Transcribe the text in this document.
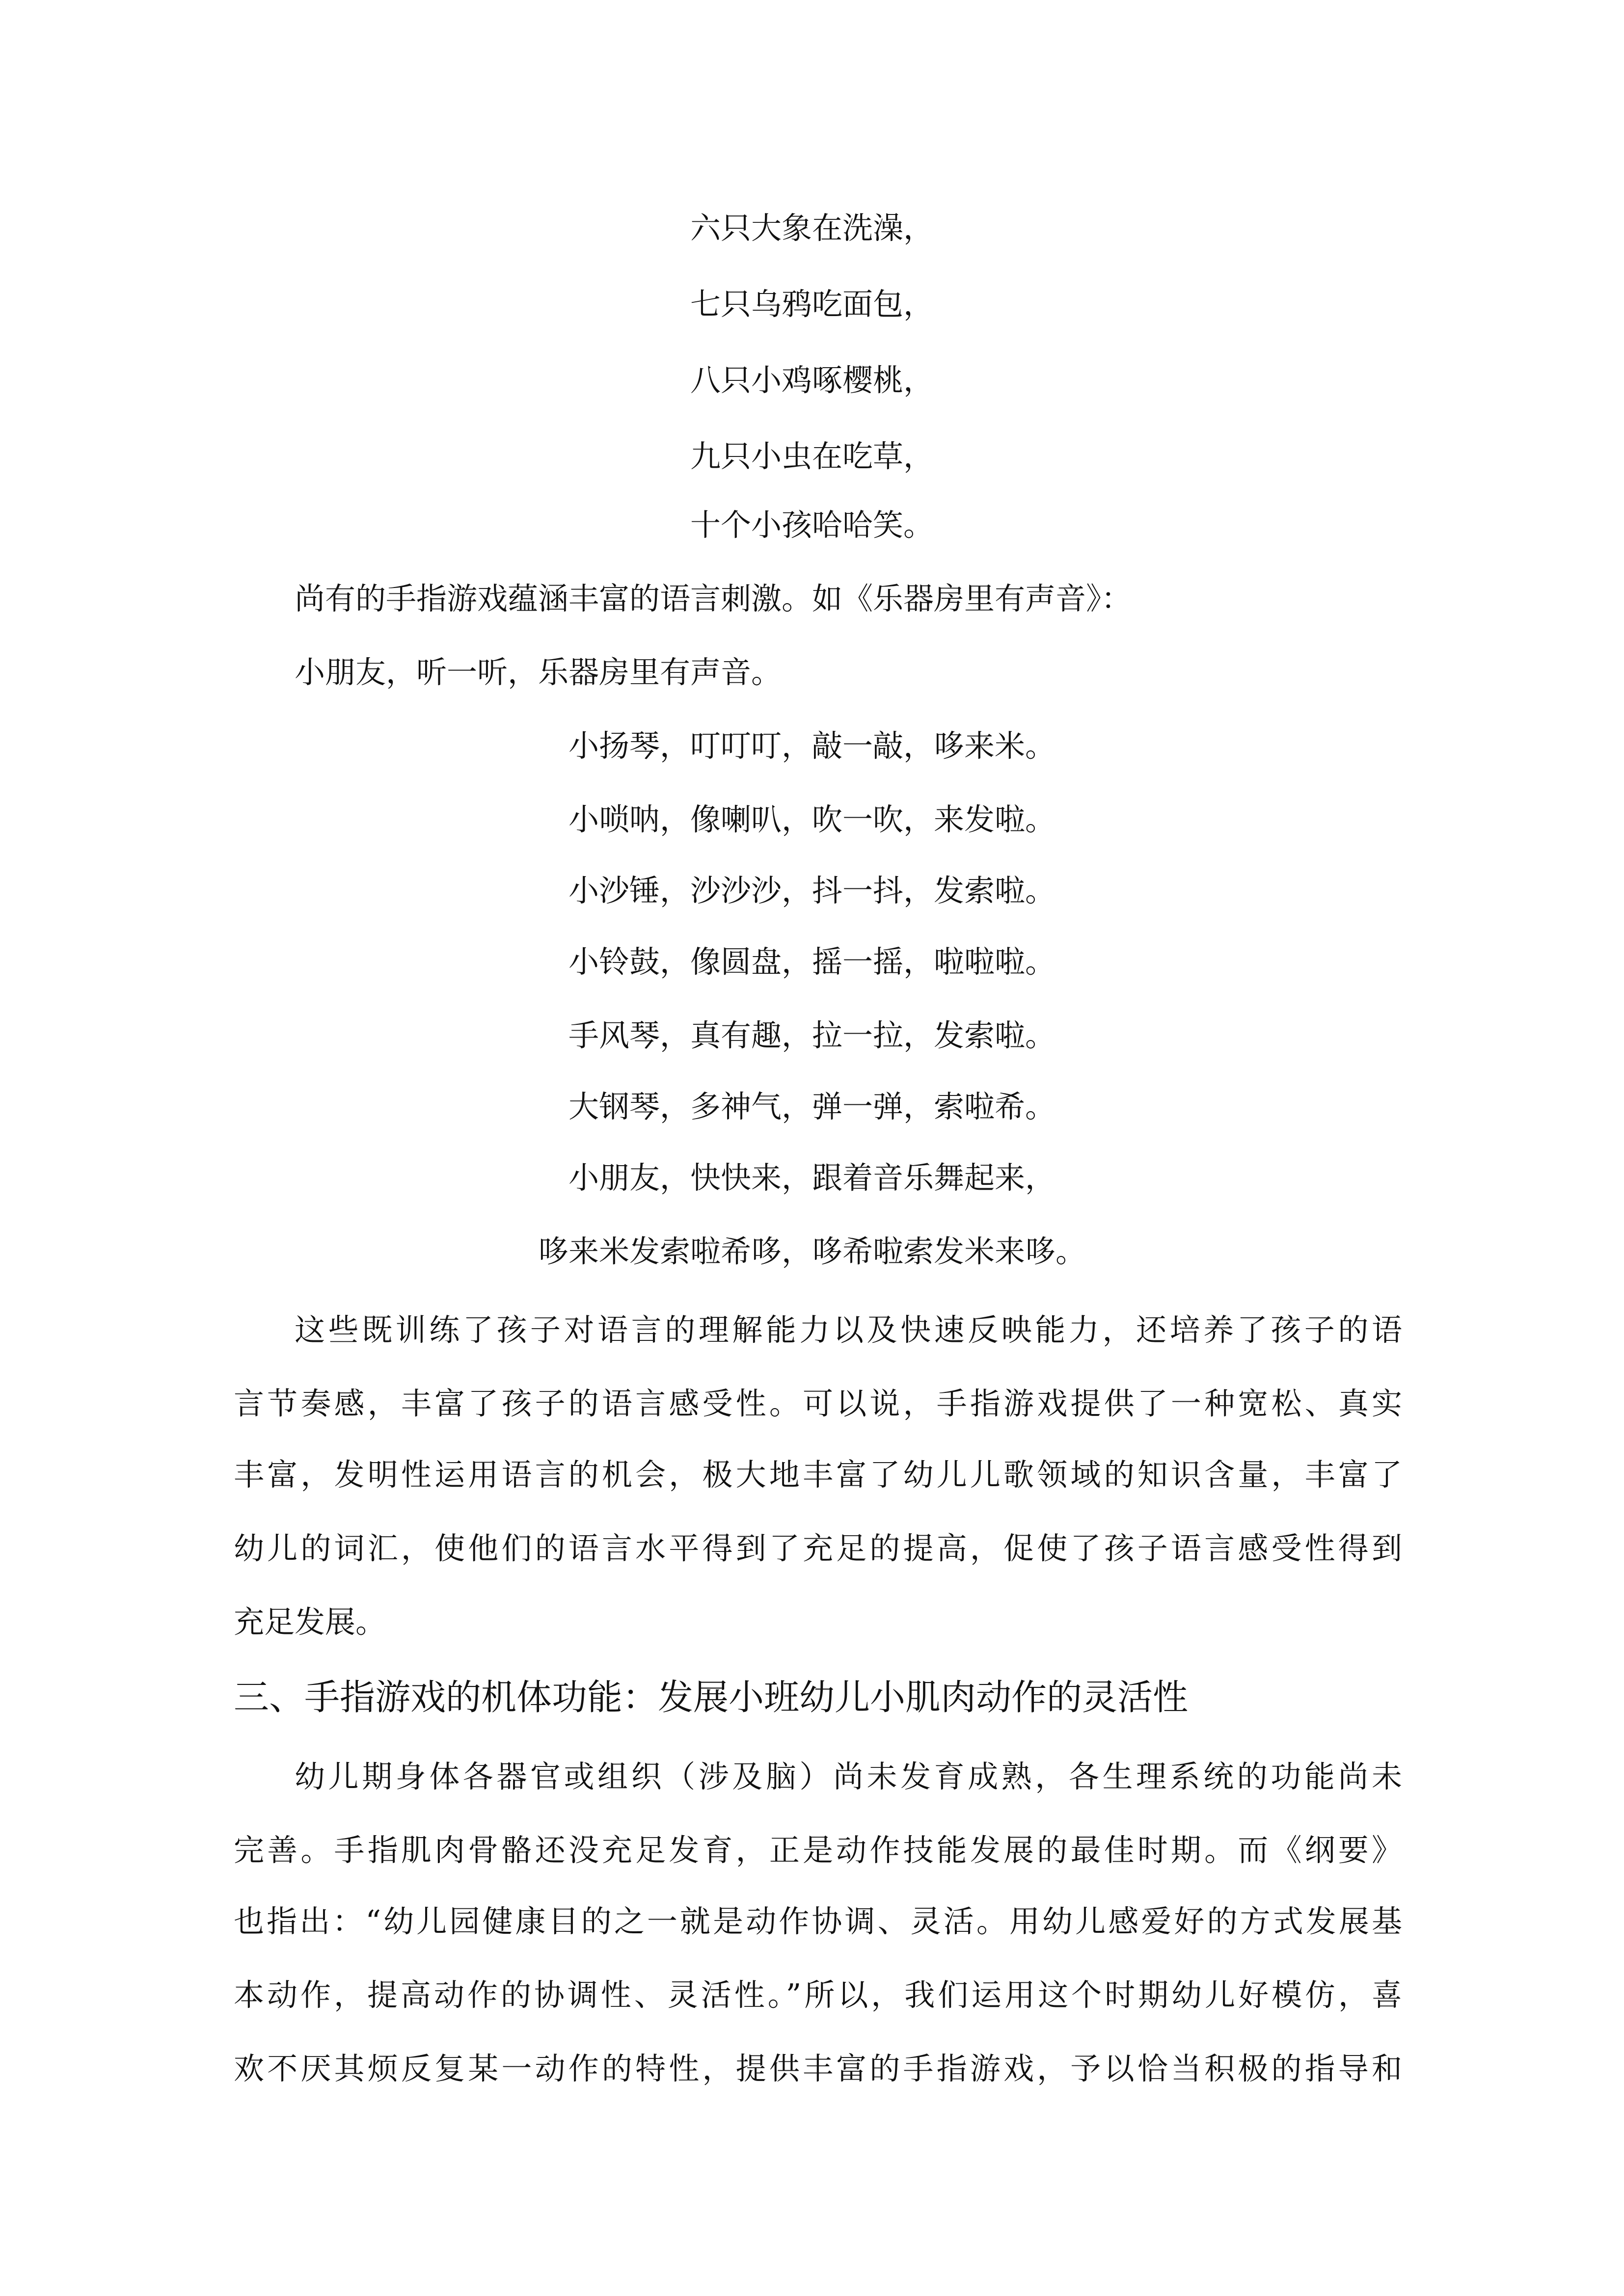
六只大象在洗澡，
七只乌鸦吃面包，
八只小鸡啄樱桃，
九只小虫在吃草，
十个小孩哈哈笑。
尚有的手指游戏蕴涵丰富的语言刺激。如《乐器房里有声音》：
小朋友，听一听，乐器房里有声音。
小扬琴，叮叮叮，敲一敲，哆来米。
小唢呐，像喇叭，吹一吹，来发啦。
小沙锤，沙沙沙，抖一抖，发索啦。
小铃鼓，像圆盘，摇一摇，啦啦啦。
手风琴，真有趣，拉一拉，发索啦。
大钢琴，多神气，弹一弹，索啦希。
小朋友，快快来，跟着音乐舞起来，
哆来米发索啦希哆，哆希啦索发米来哆。
这些既训练了孩子对语言的理解能力以及快速反映能力，还培养了孩子的语
言节奏感，丰富了孩子的语言感受性。可以说，手指游戏提供了一种宽松、真实
丰富，发明性运用语言的机会，极大地丰富了幼儿儿歌领域的知识含量，丰富了
幼儿的词汇，使他们的语言水平得到了充足的提高，促使了孩子语言感受性得到
充足发展。
三、手指游戏的机体功能：发展小班幼儿小肌肉动作的灵活性
幼儿期身体各器官或组织（涉及脑）尚未发育成熟，各生理系统的功能尚未
完善。手指肌肉骨骼还没充足发育，正是动作技能发展的最佳时期。而《纲要》
也指出：“幼儿园健康目的之一就是动作协调、灵活。用幼儿感爱好的方式发展基
本动作，提高动作的协调性、灵活性。”所以，我们运用这个时期幼儿好模仿，喜
欢不厌其烦反复某一动作的特性，提供丰富的手指游戏，予以恰当积极的指导和
